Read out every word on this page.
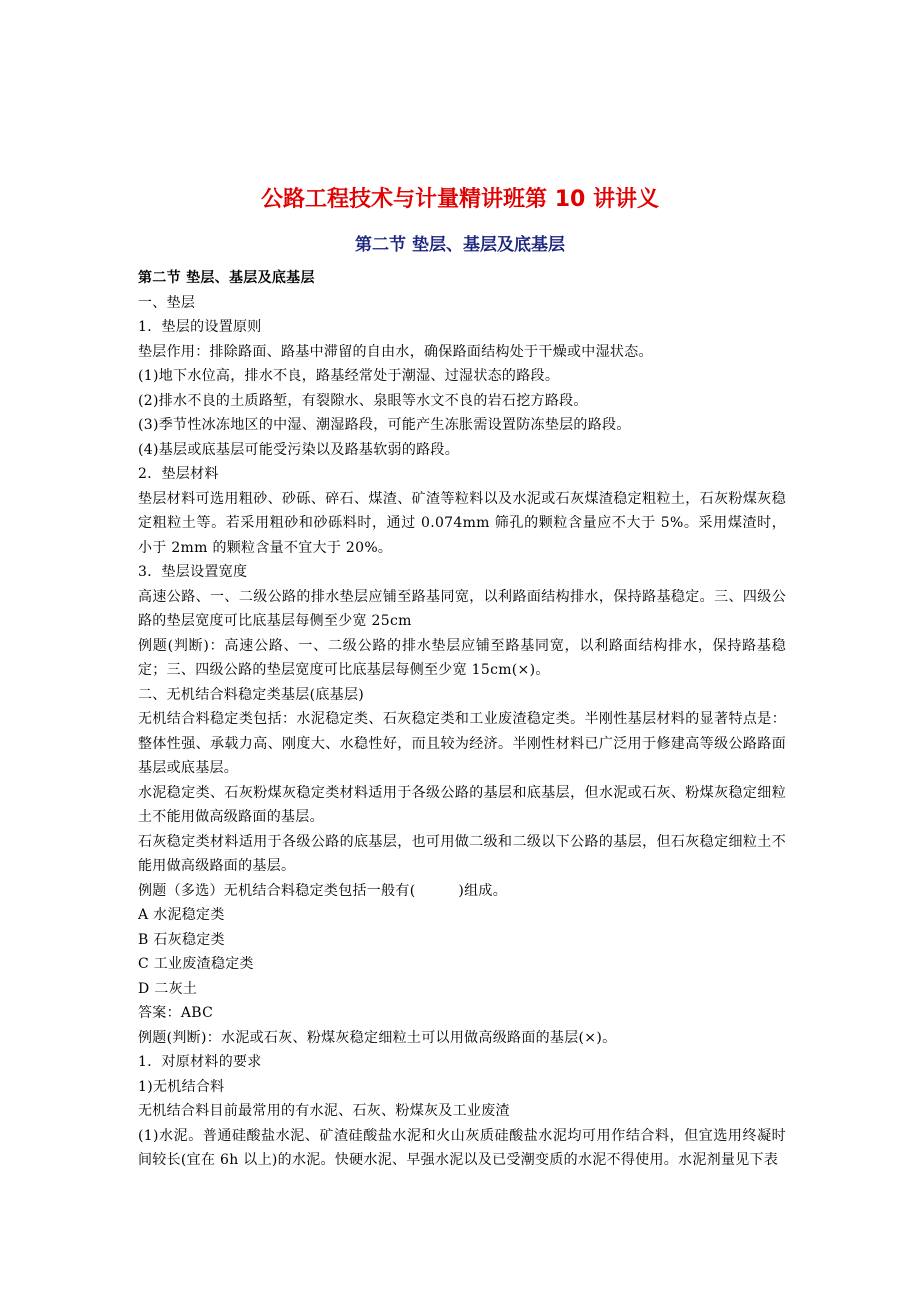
公路工程技术与计量精讲班第 10 讲讲义
第二节 垫层、基层及底基层

第二节 垫层、基层及底基层

一、垫层

1．垫层的设置原则

垫层作用：排除路面、路基中滞留的自由水，确保路面结构处于干燥或中湿状态。

(1)地下水位高，排水不良，路基经常处于潮湿、过湿状态的路段。

(2)排水不良的土质路堑，有裂隙水、泉眼等水文不良的岩石挖方路段。

(3)季节性冰冻地区的中湿、潮湿路段，可能产生冻胀需设置防冻垫层的路段。

(4)基层或底基层可能受污染以及路基软弱的路段。

2．垫层材料

垫层材料可选用粗砂、砂砾、碎石、煤渣、矿渣等粒料以及水泥或石灰煤渣稳定粗粒土，石灰粉煤灰稳定粗粒土等。若采用粗砂和砂砾料时，通过 0.074mm 筛孔的颗粒含量应不大于 5%。采用煤渣时，小于 2mm 的颗粒含量不宜大于 20%。

3．垫层设置宽度

高速公路、一、二级公路的排水垫层应铺至路基同宽，以利路面结构排水，保持路基稳定。三、四级公路的垫层宽度可比底基层每侧至少宽 25cm

例题(判断)：高速公路、一、二级公路的排水垫层应铺至路基同宽，以利路面结构排水，保持路基稳定；三、四级公路的垫层宽度可比底基层每侧至少宽 15cm(×)。

二、无机结合料稳定类基层(底基层)

无机结合料稳定类包括：水泥稳定类、石灰稳定类和工业废渣稳定类。半刚性基层材料的显著特点是：整体性强、承载力高、刚度大、水稳性好，而且较为经济。半刚性材料已广泛用于修建高等级公路路面基层或底基层。

水泥稳定类、石灰粉煤灰稳定类材料适用于各级公路的基层和底基层，但水泥或石灰、粉煤灰稳定细粒土不能用做高级路面的基层。

石灰稳定类材料适用于各级公路的底基层，也可用做二级和二级以下公路的基层，但石灰稳定细粒土不能用做高级路面的基层。

例题（多选）无机结合料稳定类包括一般有(　　　)组成。

A 水泥稳定类

B 石灰稳定类

C 工业废渣稳定类

D 二灰土

答案：ABC

例题(判断)：水泥或石灰、粉煤灰稳定细粒土可以用做高级路面的基层(×)。

1．对原材料的要求

1)无机结合料

无机结合料目前最常用的有水泥、石灰、粉煤灰及工业废渣

(1)水泥。普通硅酸盐水泥、矿渣硅酸盐水泥和火山灰质硅酸盐水泥均可用作结合料，但宜选用终凝时间较长(宜在 6h 以上)的水泥。快硬水泥、早强水泥以及已受潮变质的水泥不得使用。水泥剂量见下表
